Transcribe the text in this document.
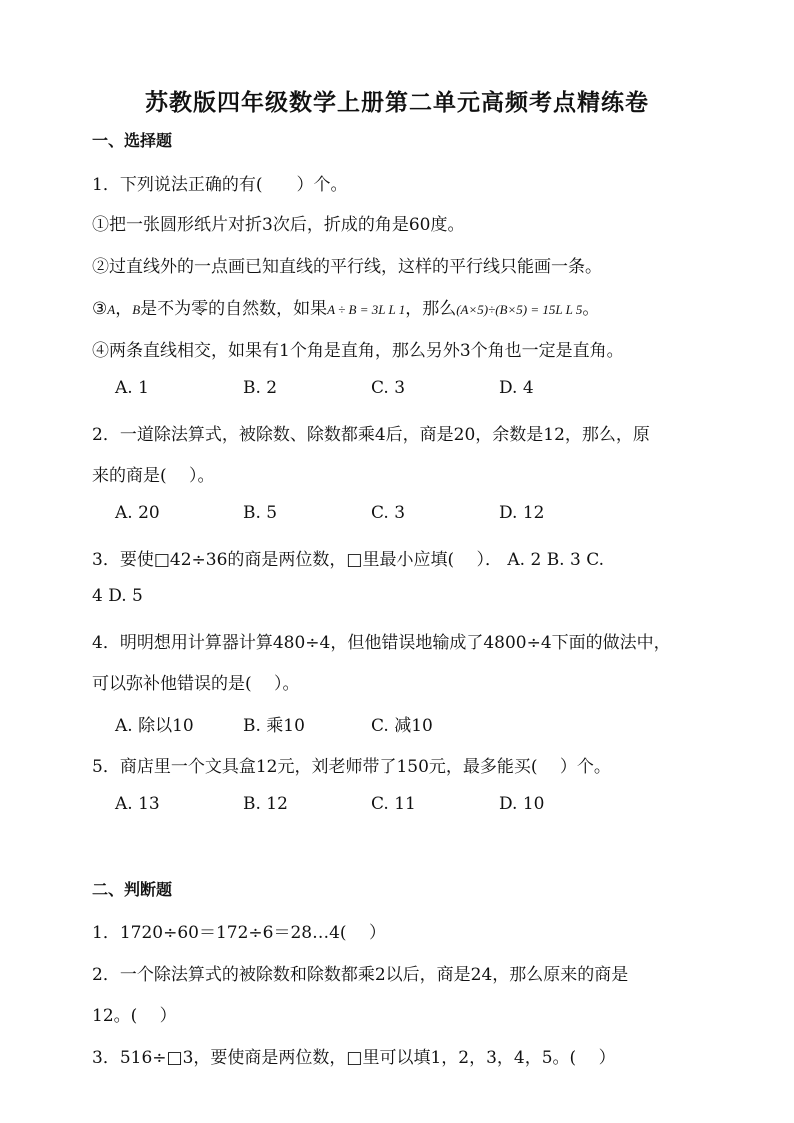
苏教版四年级数学上册第二单元高频考点精练卷
一、选择题
1．下列说法正确的有(　　）个。
①把一张圆形纸片对折3次后，折成的角是60度。
②过直线外的一点画已知直线的平行线，这样的平行线只能画一条。
③A，B是不为零的自然数，如果A ÷ B = 3L L 1，那么(A×5)÷(B×5) = 15L L 5。
④两条直线相交，如果有1个角是直角，那么另外3个角也一定是直角。
A. 1	B. 2	C. 3	D. 4
2．一道除法算式，被除数、除数都乘4后，商是20，余数是12，那么，原
来的商是(　 ）。
A. 20	B. 5	C. 3	D. 12
3．要使□42÷36的商是两位数，□里最小应填(　 ）． A. 2 B. 3 C.
4 D. 5
4．明明想用计算器计算480÷4，但他错误地输成了4800÷4下面的做法中，
可以弥补他错误的是(　 ）。
A. 除以10	B. 乘10	C. 减10
5．商店里一个文具盒12元，刘老师带了150元，最多能买(　 ）个。
A. 13	B. 12	C. 11	D. 10
二、判断题
1．1720÷60＝172÷6＝28…4(　 ）
2．一个除法算式的被除数和除数都乘2以后，商是24，那么原来的商是
12。(　 ）
3．516÷□3，要使商是两位数，□里可以填1，2，3，4，5。(　 ）
